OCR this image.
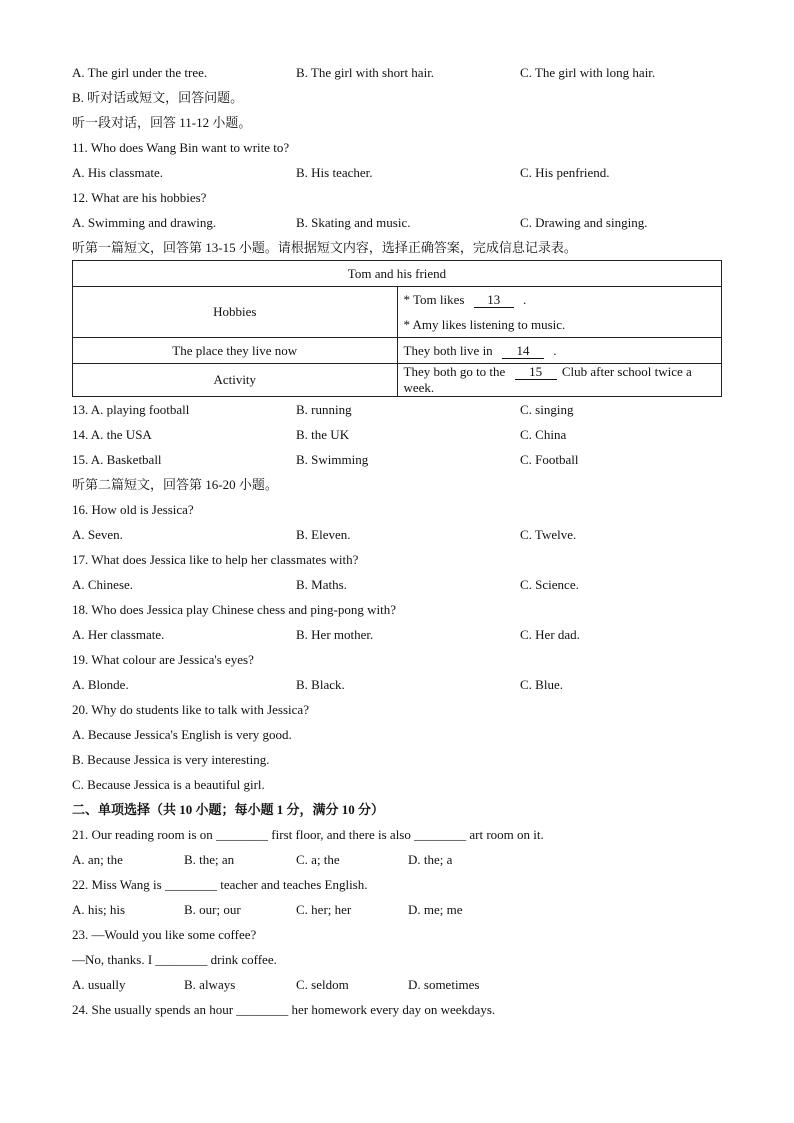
A. The girl under the tree.	B. The girl with short hair.	C. The girl with long hair.
B. 听对话或短文，回答问题。
听一段对话，回答 11-12 小题。
11. Who does Wang Bin want to write to?
A. His classmate.	B. His teacher.	C. His penfriend.
12. What are his hobbies?
A. Swimming and drawing.	B. Skating and music.	C. Drawing and singing.
听第一篇短文，回答第 13-15 小题。请根据短文内容，选择正确答案，完成信息记录表。
Tom and his friend	
Hobbies	* Tom likes 13 .
* Amy likes listening to music.

The place they live now	They both live in 14 .
Activity	They both go to the 15 Club after school twice a week.
13. A. playing football	B. running	C. singing
14. A. the USA	B. the UK	C. China
15. A. Basketball	B. Swimming	C. Football
听第二篇短文，回答第 16-20 小题。
16. How old is Jessica?
A. Seven.	B. Eleven.	C. Twelve.
17. What does Jessica like to help her classmates with?
A. Chinese.	B. Maths.	C. Science.
18. Who does Jessica play Chinese chess and ping-pong with?
A. Her classmate.	B. Her mother.	C. Her dad.
19. What colour are Jessica's eyes?
A. Blonde.	B. Black.	C. Blue.
20. Why do students like to talk with Jessica?
A. Because Jessica's English is very good.
B. Because Jessica is very interesting.
C. Because Jessica is a beautiful girl.
二、单项选择（共 10 小题；每小题 1 分，满分 10 分）
21. Our reading room is on ________ first floor, and there is also ________ art room on it.
A. an; the	B. the; an	C. a; the	D. the; a
22. Miss Wang is ________ teacher and teaches English.
A. his; his	B. our; our	C. her; her	D. me; me
23. —Would you like some coffee?
—No, thanks. I ________ drink coffee.
A. usually	B. always	C. seldom	D. sometimes
24. She usually spends an hour ________ her homework every day on weekdays.
